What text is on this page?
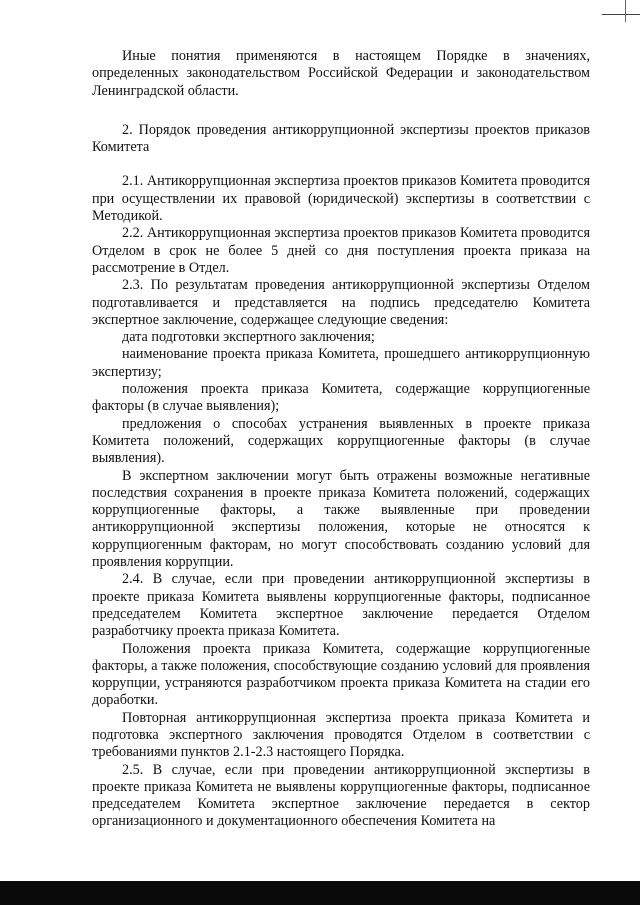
Иные понятия применяются в настоящем Порядке в значениях, определенных законодательством Российской Федерации и законодательством Ленинградской области.

2. Порядок проведения антикоррупционной экспертизы проектов приказов Комитета

2.1. Антикоррупционная экспертиза проектов приказов Комитета проводится при осуществлении их правовой (юридической) экспертизы в соответствии с Методикой.

2.2. Антикоррупционная экспертиза проектов приказов Комитета проводится Отделом в срок не более 5 дней со дня поступления проекта приказа на рассмотрение в Отдел.

2.3. По результатам проведения антикоррупционной экспертизы Отделом подготавливается и представляется на подпись председателю Комитета экспертное заключение, содержащее следующие сведения:

дата подготовки экспертного заключения;

наименование проекта приказа Комитета, прошедшего антикоррупционную экспертизу;

положения проекта приказа Комитета, содержащие коррупциогенные факторы (в случае выявления);

предложения о способах устранения выявленных в проекте приказа Комитета положений, содержащих коррупциогенные факторы (в случае выявления).

В экспертном заключении могут быть отражены возможные негативные последствия сохранения в проекте приказа Комитета положений, содержащих коррупциогенные факторы, а также выявленные при проведении антикоррупционной экспертизы положения, которые не относятся к коррупциогенным факторам, но могут способствовать созданию условий для проявления коррупции.

2.4. В случае, если при проведении антикоррупционной экспертизы в проекте приказа Комитета выявлены коррупциогенные факторы, подписанное председателем Комитета экспертное заключение передается Отделом разработчику проекта приказа Комитета.

Положения проекта приказа Комитета, содержащие коррупциогенные факторы, а также положения, способствующие созданию условий для проявления коррупции, устраняются разработчиком проекта приказа Комитета на стадии его доработки.

Повторная антикоррупционная экспертиза проекта приказа Комитета и подготовка экспертного заключения проводятся Отделом в соответствии с требованиями пунктов 2.1-2.3 настоящего Порядка.

2.5. В случае, если при проведении антикоррупционной экспертизы в проекте приказа Комитета не выявлены коррупциогенные факторы, подписанное председателем Комитета экспертное заключение передается в сектор организационного и документационного обеспечения Комитета на
